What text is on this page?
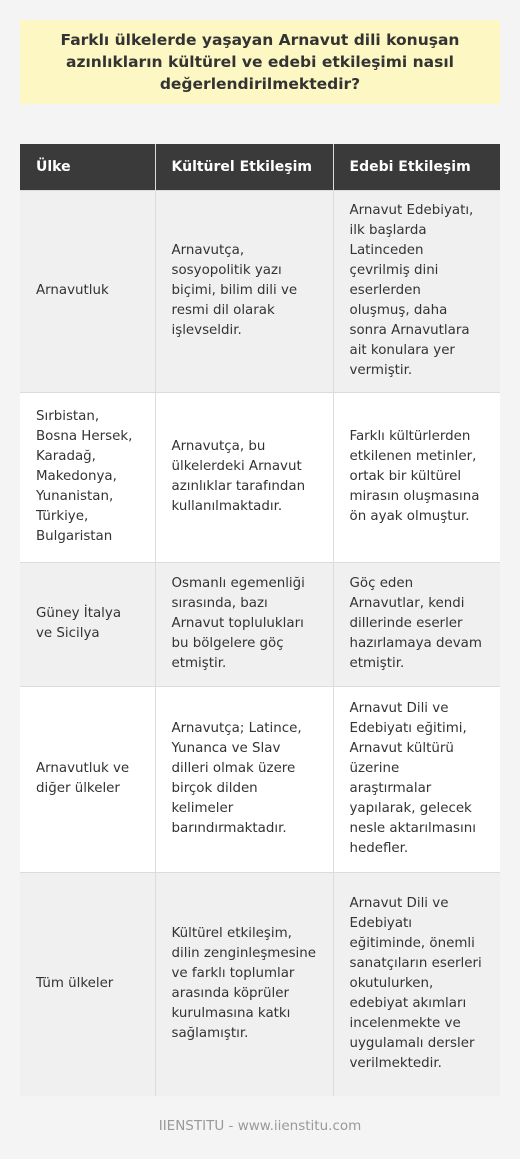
Farklı ülkelerde yaşayan Arnavut dili konuşan azınlıkların kültürel ve edebi etkileşimi nasıl değerlendirilmektedir?
Ülke	Kültürel Etkileşim	Edebi Etkileşim
Arnavutluk	Arnavutça, sosyopolitik yazı biçimi, bilim dili ve resmi dil olarak işlevseldir.	Arnavut Edebiyatı, ilk başlarda Latinceden çevrilmiş dini eserlerden oluşmuş, daha sonra Arnavutlara ait konulara yer vermiştir.
Sırbistan, Bosna Hersek, Karadağ, Makedonya, Yunanistan, Türkiye, Bulgaristan	Arnavutça, bu ülkelerdeki Arnavut azınlıklar tarafından kullanılmaktadır.	Farklı kültürlerden etkilenen metinler, ortak bir kültürel mirasın oluşmasına ön ayak olmuştur.
Güney İtalya ve Sicilya	Osmanlı egemenliği sırasında, bazı Arnavut toplulukları bu bölgelere göç etmiştir.	Göç eden Arnavutlar, kendi dillerinde eserler hazırlamaya devam etmiştir.
Arnavutluk ve diğer ülkeler	Arnavutça; Latince, Yunanca ve Slav dilleri olmak üzere birçok dilden kelimeler barındırmaktadır.	Arnavut Dili ve Edebiyatı eğitimi, Arnavut kültürü üzerine araştırmalar yapılarak, gelecek nesle aktarılmasını hedefler.
Tüm ülkeler	Kültürel etkileşim, dilin zenginleşmesine ve farklı toplumlar arasında köprüler kurulmasına katkı sağlamıştır.	Arnavut Dili ve Edebiyatı eğitiminde, önemli sanatçıların eserleri okutulurken, edebiyat akımları incelenmekte ve uygulamalı dersler verilmektedir.
IIENSTITU - www.iienstitu.com
